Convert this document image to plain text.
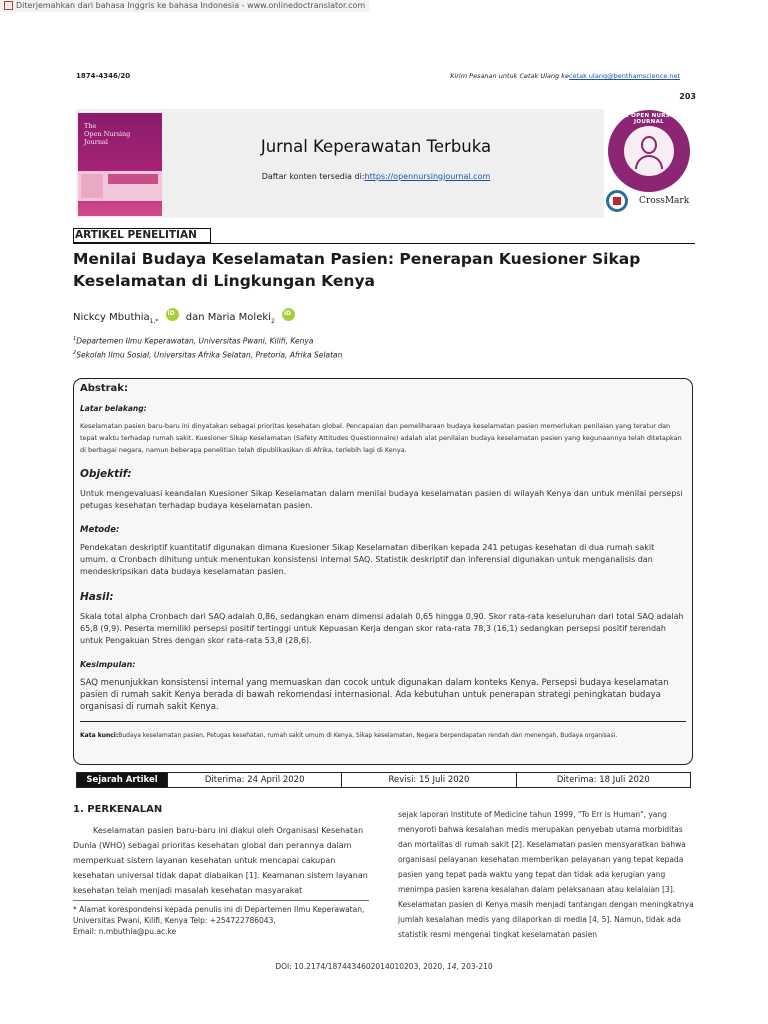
Diterjemahkan dari bahasa Inggris ke bahasa Indonesia - www.onlinedoctranslator.com
1874-4346/20	Kirim Pesanan untuk Cetak Ulang kecetak ulang@benthamscience.net
203
The
Open Nursing
Journal	Jurnal Keperawatan Terbuka
Daftar konten tersedia di:https://opennursingjournal.com
THE OPEN NURSING JOURNAL
CrossMark
ARTIKEL PENELITIAN
Menilai Budaya Keselamatan Pasien: Penerapan Kuesioner Sikap
Keselamatan di Lingkungan Kenya
Nickcy Mbuthia$_{1,*}$ iD	dan Maria Moleki$_2$ iD
$^1$Departemen Ilmu Keperawatan, Universitas Pwani, Kilifi, Kenya
$^2$Sekolah Ilmu Sosial, Universitas Afrika Selatan, Pretoria, Afrika Selatan
Abstrak:
Latar belakang:
Keselamatan pasien baru-baru ini dinyatakan sebagai prioritas kesehatan global. Pencapaian dan pemeliharaan budaya keselamatan pasien memerlukan penilaian yang teratur dan tepat waktu terhadap rumah sakit. Kuesioner Sikap Keselamatan (Safety Attitudes Questionnaire) adalah alat penilaian budaya keselamatan pasien yang kegunaannya telah ditetapkan di berbagai negara, namun beberapa penelitian telah dipublikasikan di Afrika, terlebih lagi di Kenya.
Objektif:
Untuk mengevaluasi keandalan Kuesioner Sikap Keselamatan dalam menilai budaya keselamatan pasien di wilayah Kenya dan untuk menilai persepsi petugas kesehatan terhadap budaya keselamatan pasien.
Metode:
Pendekatan deskriptif kuantitatif digunakan dimana Kuesioner Sikap Keselamatan diberikan kepada 241 petugas kesehatan di dua rumah sakit umum. α Cronbach dihitung untuk menentukan konsistensi internal SAQ. Statistik deskriptif dan inferensial digunakan untuk menganalisis dan mendeskripsikan data budaya keselamatan pasien.
Hasil:
Skala total alpha Cronbach dari SAQ adalah 0,86, sedangkan enam dimensi adalah 0,65 hingga 0,90. Skor rata-rata keseluruhan dari total SAQ adalah 65,8 (9,9). Peserta memiliki persepsi positif tertinggi untuk Kepuasan Kerja dengan skor rata-rata 78,3 (16,1) sedangkan persepsi positif terendah untuk Pengakuan Stres dengan skor rata-rata 53,8 (28,6).
Kesimpulan:
SAQ menunjukkan konsistensi internal yang memuaskan dan cocok untuk digunakan dalam konteks Kenya. Persepsi budaya keselamatan pasien di rumah sakit Kenya berada di bawah rekomendasi internasional. Ada kebutuhan untuk penerapan strategi peningkatan budaya organisasi di rumah sakit Kenya.
Kata kunci:Budaya keselamatan pasien, Petugas kesehatan, rumah sakit umum di Kenya, Sikap keselamatan, Negara berpendapatan rendah dan menengah, Budaya organisasi.
Sejarah Artikel	Diterima: 24 April 2020	Revisi: 15 Juli 2020	Diterima: 18 Juli 2020
1. PERKENALAN

Keselamatan pasien baru-baru ini diakui oleh Organisasi Kesehatan Dunia (WHO) sebagai prioritas kesehatan global dan perannya dalam memperkuat sistem layanan kesehatan untuk mencapai cakupan kesehatan universal tidak dapat diabaikan [1]. Keamanan sistem layanan kesehatan telah menjadi masalah kesehatan masyarakat

* Alamat korespondensi kepada penulis ini di Departemen Ilmu Keperawatan,
Universitas Pwani, Kilifi, Kenya Telp: +254722786043,
Email: n.mbuthia@pu.ac.ke
sejak laporan Institute of Medicine tahun 1999, "To Err is Human", yang menyoroti bahwa kesalahan medis merupakan penyebab utama morbiditas dan mortalitas di rumah sakit [2]. Keselamatan pasien mensyaratkan bahwa organisasi pelayanan kesehatan memberikan pelayanan yang tepat kepada pasien yang tepat pada waktu yang tepat dan tidak ada kerugian yang menimpa pasien karena kesalahan dalam pelaksanaan atau kelalaian [3]. Keselamatan pasien di Kenya masih menjadi tantangan dengan meningkatnya jumlah kesalahan medis yang dilaporkan di media [4, 5]. Namun, tidak ada statistik resmi mengenai tingkat keselamatan pasien
DOI: 10.2174/1874434602014010203, 2020, 14, 203-210
